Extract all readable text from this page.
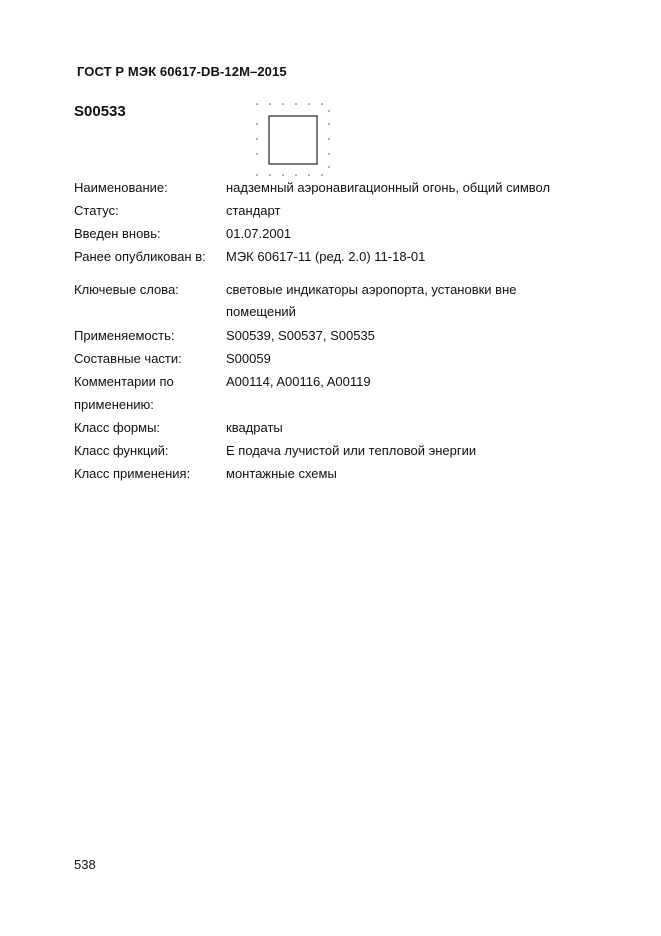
ГОСТ Р МЭК 60617-DB-12M–2015
S00533
Наименование:	надземный аэронавигационный огонь, общий символ
Статус:	стандарт
Введен вновь:	01.07.2001
Ранее опубликован в: МЭК 60617-11 (ред. 2.0) 11-18-01
Ключевые слова:	световые индикаторы аэропорта, установки вне
помещений
Применяемость:	S00539, S00537, S00535
Составные части:	S00059
Комментарии по
применению:
A00114, A00116, A00119
Класс формы:	квадраты
Класс функций:	Е подача лучистой или тепловой энергии
Класс применения:	монтажные схемы
538
